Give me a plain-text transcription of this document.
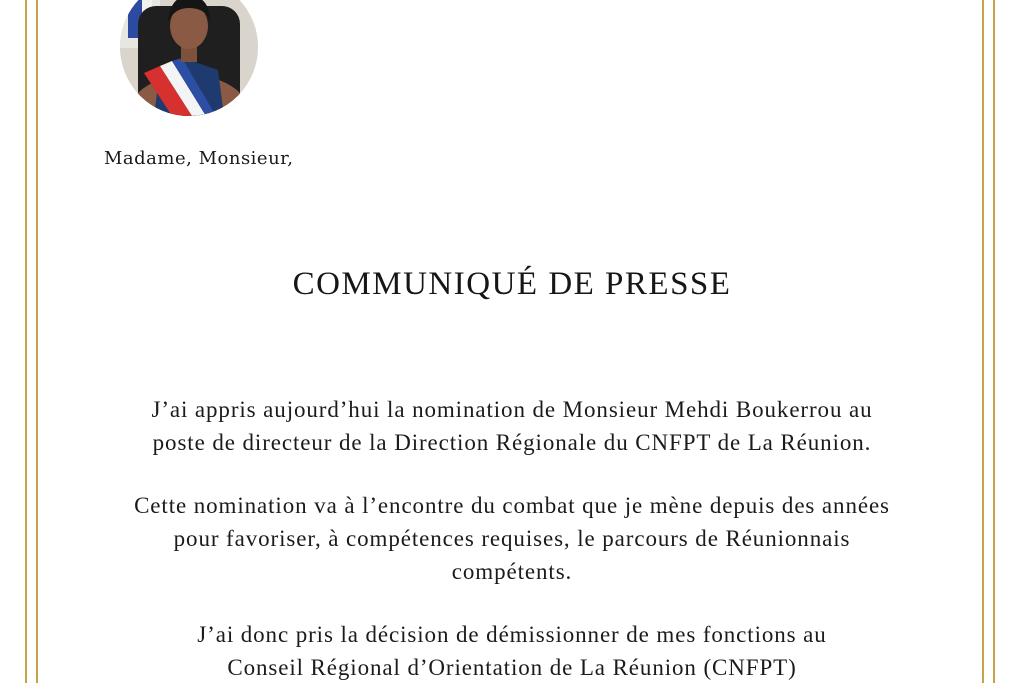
Madame, Monsieur,
COMMUNIQUÉ DE PRESSE

J’ai appris aujourd’hui la nomination de Monsieur Mehdi Boukerrou au
poste de directeur de la Direction Régionale du CNFPT de La Réunion.

Cette nomination va à l’encontre du combat que je mène depuis des années
pour favoriser, à compétences requises, le parcours de Réunionnais
compétents.

J’ai donc pris la décision de démissionner de mes fonctions au
Conseil Régional d’Orientation de La Réunion (CNFPT)
